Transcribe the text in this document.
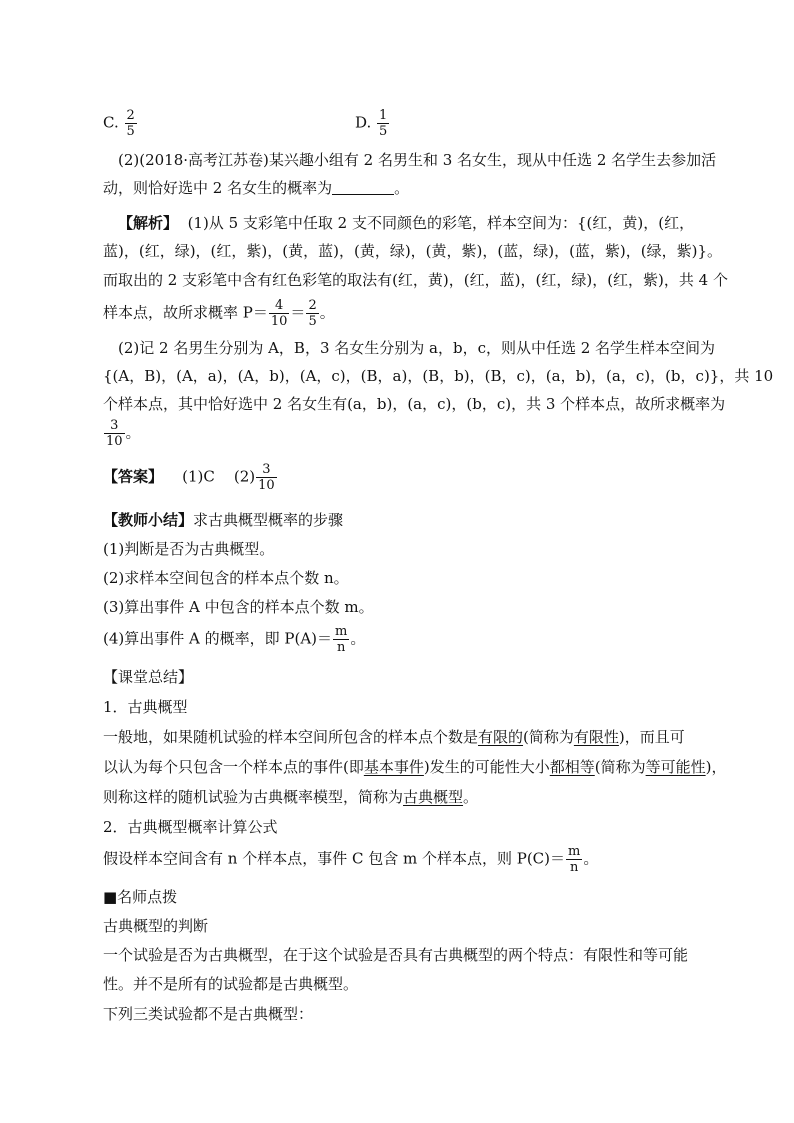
C. $\frac{2}{5}$	D. $\frac{1}{5}$
(2)(2018·高考江苏卷)某兴趣小组有 2 名男生和 3 名女生，现从中任选 2 名学生去参加活
动，则恰好选中 2 名女生的概率为	。
【解析】 (1)从 5 支彩笔中任取 2 支不同颜色的彩笔，样本空间为：{(红，黄)，(红，
蓝)，(红，绿)，(红，紫)，(黄，蓝)，(黄，绿)，(黄，紫)，(蓝，绿)，(蓝，紫)，(绿，紫)}。
而取出的 2 支彩笔中含有红色彩笔的取法有(红，黄)，(红，蓝)，(红，绿)，(红，紫)，共 4 个
样本点，故所求概率 $P= \frac{4}{10} = \frac{2}{5}$ 。
(2)记 2 名男生分别为 A，B，3 名女生分别为 a，b，c，则从中任选 2 名学生样本空间为
{(A，B)，(A，a)，(A，b)，(A，c)，(B，a)，(B，b)，(B，c)，(a，b)，(a，c)，(b，c)}，共 10
个样本点，其中恰好选中 2 名女生有(a，b)，(a，c)，(b，c)，共 3 个样本点，故所求概率为
$\frac{3}{10}$ 。
【答案】 (1)C $(2) \frac{3}{10}$
【教师小结】求古典概型概率的步骤
(1)判断是否为古典概型。
(2)求样本空间包含的样本点个数 n。
(3)算出事件 A 中包含的样本点个数 m。
(4)算出事件 A 的概率，即 $P(A)= \frac{m}{n}$ 。
【课堂总结】
1．古典概型
一般地，如果随机试验的样本空间所包含的样本点个数是有限的(简称为有限性)，而且可
以认为每个只包含一个样本点的事件(即基本事件)发生的可能性大小都相等(简称为等可能性)，
则称这样的随机试验为古典概率模型，简称为古典概型。
2．古典概型概率计算公式
假设样本空间含有 n 个样本点，事件 C 包含 m 个样本点，则 $P(C)= \frac{m}{n}$ 。
■名师点拨
古典概型的判断
一个试验是否为古典概型，在于这个试验是否具有古典概型的两个特点：有限性和等可能
性。并不是所有的试验都是古典概型。
下列三类试验都不是古典概型：
